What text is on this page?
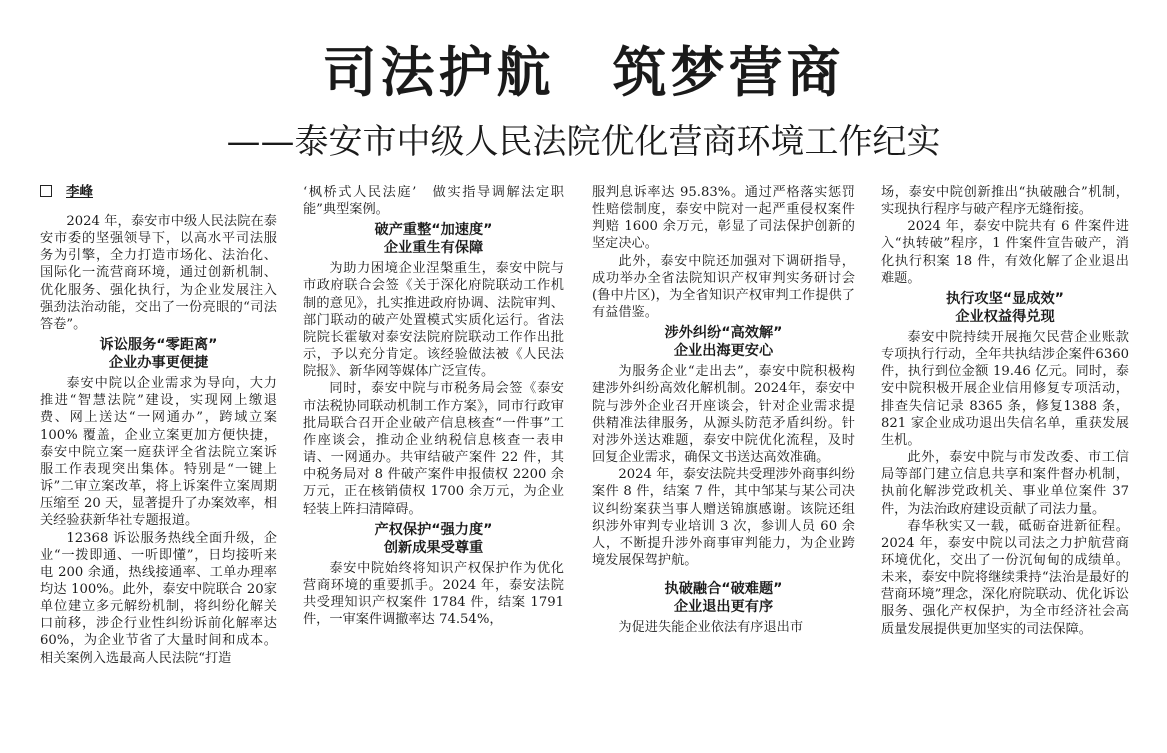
司法护航　筑梦营商
——泰安市中级人民法院优化营商环境工作纪实
李峰

2024 年，泰安市中级人民法院在泰安市委的坚强领导下，以高水平司法服务为引擎，全力打造市场化、法治化、国际化一流营商环境，通过创新机制、优化服务、强化执行，为企业发展注入强劲法治动能，交出了一份亮眼的“司法答卷”。

诉讼服务“零距离”
企业办事更便捷

泰安中院以企业需求为导向，大力推进“智慧法院”建设，实现网上缴退费、网上送达“一网通办”，跨域立案100% 覆盖，企业立案更加方便快捷，泰安中院立案一庭获评全省法院立案诉服工作表现突出集体。特别是“一键上诉”二审立案改革，将上诉案件立案周期压缩至 20 天，显著提升了办案效率，相关经验获新华社专题报道。

12368 诉讼服务热线全面升级，企业“一拨即通、一听即懂”，日均接听来电 200 余通，热线接通率、工单办理率均达 100%。此外，泰安中院联合 20家单位建立多元解纷机制，将纠纷化解关口前移，涉企行业性纠纷诉前化解率达 60%，为企业节省了大量时间和成本。相关案例入选最高人民法院“打造

‘枫桥式人民法庭’　做实指导调解法定职能”典型案例。

破产重整“加速度”
企业重生有保障

为助力困境企业涅槃重生，泰安中院与市政府联合会签《关于深化府院联动工作机制的意见》，扎实推进政府协调、法院审判、部门联动的破产处置模式实质化运行。省法院院长霍敏对泰安法院府院联动工作作出批示，予以充分肯定。该经验做法被《人民法院报》、新华网等媒体广泛宣传。

同时，泰安中院与市税务局会签《泰安市法税协同联动机制工作方案》，同市行政审批局联合召开企业破产信息核查“一件事”工作座谈会，推动企业纳税信息核查一表申请、一网通办。共审结破产案件 22 件，其中税务局对 8 件破产案件申报债权 2200 余万元，正在核销债权 1700 余万元，为企业轻装上阵扫清障碍。

产权保护“强力度”
创新成果受尊重

泰安中院始终将知识产权保护作为优化营商环境的重要抓手。2024 年，泰安法院共受理知识产权案件 1784 件，结案 1791 件，一审案件调撤率达 74.54%，

服判息诉率达 95.83%。通过严格落实惩罚性赔偿制度，泰安中院对一起严重侵权案件判赔 1600 余万元，彰显了司法保护创新的坚定决心。

此外，泰安中院还加强对下调研指导，成功举办全省法院知识产权审判实务研讨会(鲁中片区)，为全省知识产权审判工作提供了有益借鉴。

涉外纠纷“高效解”
企业出海更安心

为服务企业“走出去”，泰安中院积极构建涉外纠纷高效化解机制。2024年，泰安中院与涉外企业召开座谈会，针对企业需求提供精准法律服务，从源头防范矛盾纠纷。针对涉外送达难题，泰安中院优化流程，及时回复企业需求，确保文书送达高效准确。

2024 年，泰安法院共受理涉外商事纠纷案件 8 件，结案 7 件，其中邹某与某公司决议纠纷案获当事人赠送锦旗感谢。该院还组织涉外审判专业培训 3 次，参训人员 60 余人，不断提升涉外商事审判能力，为企业跨境发展保驾护航。

执破融合“破难题”
企业退出更有序

为促进失能企业依法有序退出市

场，泰安中院创新推出“执破融合”机制，实现执行程序与破产程序无缝衔接。

2024 年，泰安中院共有 6 件案件进入“执转破”程序，1 件案件宣告破产，消化执行积案 18 件，有效化解了企业退出难题。

执行攻坚“显成效”
企业权益得兑现

泰安中院持续开展拖欠民营企业账款专项执行行动，全年共执结涉企案件6360 件，执行到位金额 19.46 亿元。同时，泰安中院积极开展企业信用修复专项活动，排查失信记录 8365 条，修复1388 条， 821 家企业成功退出失信名单，重获发展生机。

此外，泰安中院与市发改委、市工信局等部门建立信息共享和案件督办机制，执前化解涉党政机关、事业单位案件 37件，为法治政府建设贡献了司法力量。

春华秋实又一载，砥砺奋进新征程。2024 年，泰安中院以司法之力护航营商环境优化，交出了一份沉甸甸的成绩单。未来，泰安中院将继续秉持“法治是最好的营商环境”理念，深化府院联动、优化诉讼服务、强化产权保护，为全市经济社会高质量发展提供更加坚实的司法保障。
